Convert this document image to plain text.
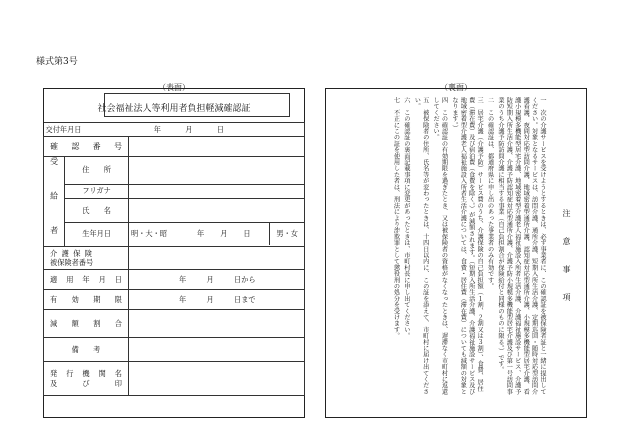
様式第3号
（表面）	（裏面）
社会福祉法人等利用者負担軽減確認証
交付年月日 年 月 日		
確 認 番 号		

受 給 者	住　　所	
	フリガナ	
	氏　　名	
	生年月日	明・大・昭 年 月 日 男・女

介護保険
被保険者番号		

適用年月日		年 月 日から
有効期限		年 月 日まで
減額割合		
備　　考		

発行機関名
及　び　印		

注　意　事　項

一　次の介護サービスを受けようとするときは、必ず事業者に、この確認証を被保険者証と一緒に提出してください。対象となるサービスは、訪問介護、通所介護、短期入所生活介護、定期巡回・随時対応型訪問介護看護、夜間対応型訪問介護、地域密着型通所介護、認知症対応型通所介護、小規模多機能型居宅介護、看護小規模多機能型居宅介護、地域密着型介護老人福祉施設入所者生活介護、介護福祉施設サービス、介護予防短期入所生活介護、介護予防認知症対応型通所介護、介護予防小規模多機能型居宅介護及び第一号訪問事業のうち介護予防訪問介護に相当する事業（自己負担割合が保険給付と同様のものに限る。）です。

二　この確認証は、都道府県に申し出のあった事業者のみ有効です。

三　居宅介護（介護予防）サービス費のうち、介護保険の自己負担額（１割、２割又は３割）、食費、居住費（滞在費）及び宿泊費（食費を除く。）が減額されます。（短期入所生活介護、介護福祉施設サービス及び地域密着型介護老人福祉施設入所者生活介護については、食費・居住費（滞在費）についても減額の対象となります。）

四　この確認証の有効期限を過ぎたとき、又は被保険者の資格がなくなったときは、遅滞なく市町村に返還してください。

五　被保険者の住所、氏名等が変わったときは、十四日以内に、この証を添えて、市町村に届け出てください。

六　この確認証の裏面記載事項に変更があったときは、市町村長に申し出てください。

七　不正にこの証を使用した者は、刑法により詐欺罪として懲役刑の処分を受けます。
